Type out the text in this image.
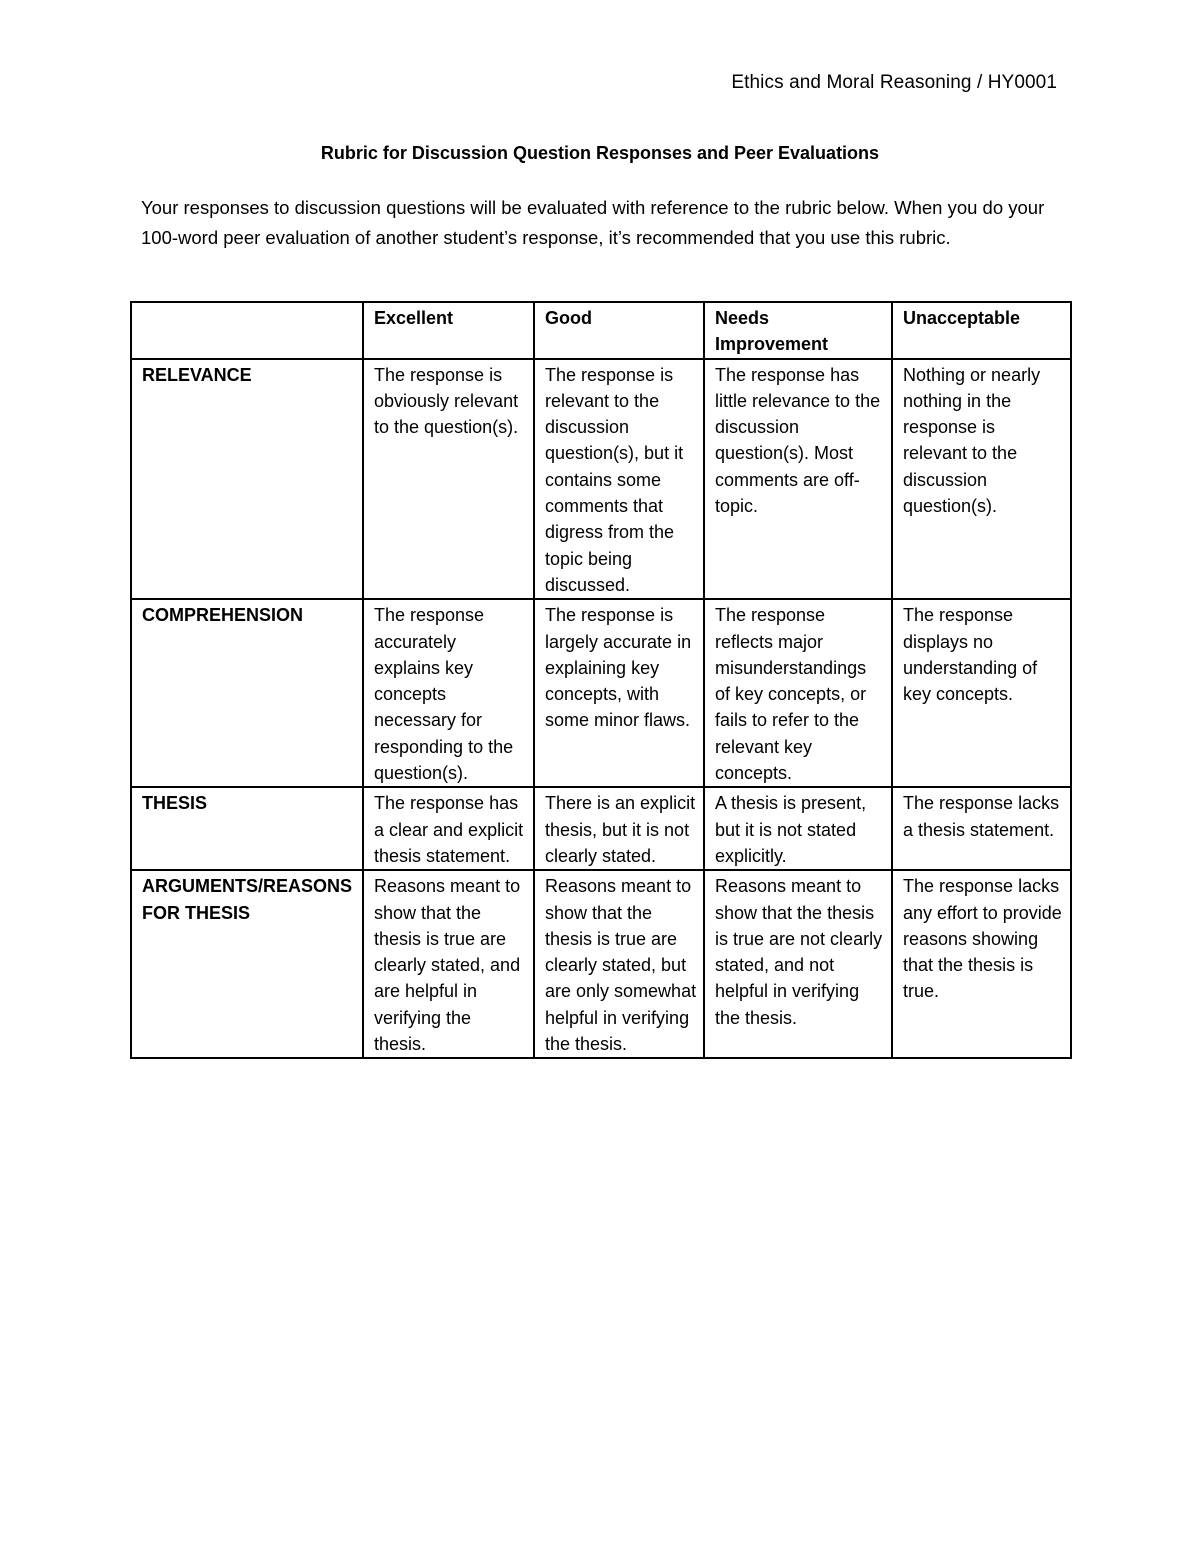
Ethics and Moral Reasoning / HY0001
Rubric for Discussion Question Responses and Peer Evaluations
Your responses to discussion questions will be evaluated with reference to the rubric below. When you do your 100-word peer evaluation of another student’s response, it’s recommended that you use this rubric.
	Excellent	Good	Needs Improvement	Unacceptable
RELEVANCE	The response is obviously relevant to the question(s).	The response is relevant to the discussion question(s), but it contains some comments that digress from the topic being discussed.	The response has little relevance to the discussion question(s). Most comments are off-topic.	Nothing or nearly nothing in the response is relevant to the discussion question(s).
COMPREHENSION	The response accurately explains key concepts necessary for responding to the question(s).	The response is largely accurate in explaining key concepts, with some minor flaws.	The response reflects major misunderstandings of key concepts, or fails to refer to the relevant key concepts.	The response displays no understanding of key concepts.
THESIS	The response has a clear and explicit thesis statement.	There is an explicit thesis, but it is not clearly stated.	A thesis is present, but it is not stated explicitly.	The response lacks a thesis statement.
ARGUMENTS/REASONS FOR THESIS	Reasons meant to show that the thesis is true are clearly stated, and are helpful in verifying the thesis.	Reasons meant to show that the thesis is true are clearly stated, but are only somewhat helpful in verifying the thesis.	Reasons meant to show that the thesis is true are not clearly stated, and not helpful in verifying the thesis.	The response lacks any effort to provide reasons showing that the thesis is true.
